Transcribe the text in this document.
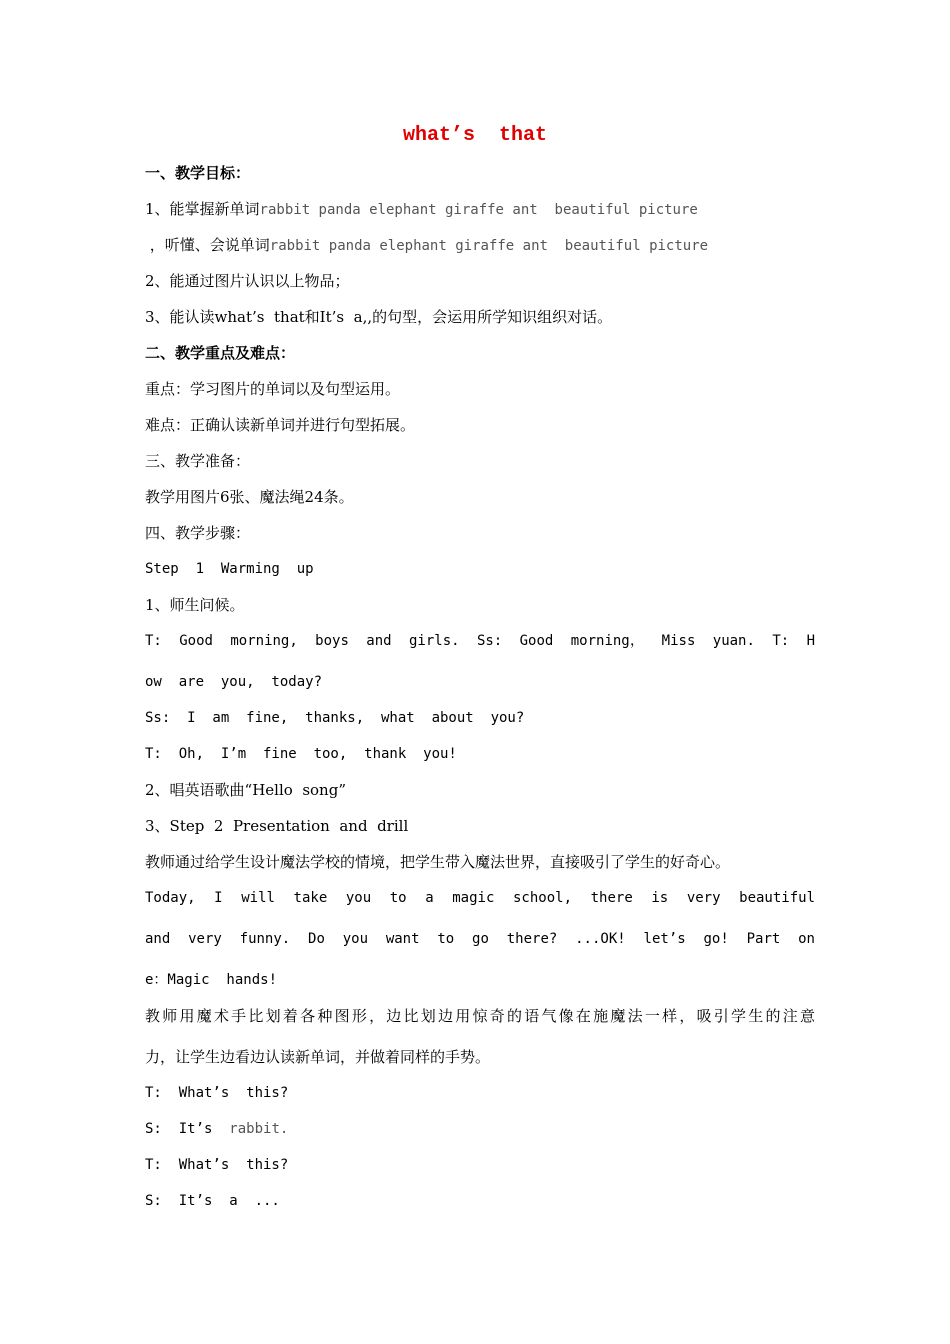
what’s  that
一、教学目标：
1、能掌握新单词rabbit panda elephant giraffe ant  beautiful picture
，听懂、会说单词rabbit panda elephant giraffe ant  beautiful picture
2、能通过图片认识以上物品；
3、能认读what’s  that和It’s  a,,的句型，会运用所学知识组织对话。
二、教学重点及难点：
重点：学习图片的单词以及句型运用。
难点：正确认读新单词并进行句型拓展。
三、教学准备：
教学用图片6张、魔法绳24条。
四、教学步骤：
Step  1  Warming  up
1、师生问候。
T:  Good  morning,  boys  and  girls.  Ss:  Good  morning，  Miss  yuan.  T:  H
ow  are  you,  today?
Ss:  I  am  fine,  thanks,  what  about  you?
T:  Oh,  I’m  fine  too,  thank  you!
2、唱英语歌曲“Hello  song”
3、Step  2  Presentation  and  drill
教师通过给学生设计魔法学校的情境，把学生带入魔法世界，直接吸引了学生的好奇心。
Today,  I  will  take  you  to  a  magic  school,  there  is  very  beautiful
and  very  funny.  Do  you  want  to  go  there?  ...OK!  let’s  go!  Part  on
e：Magic  hands!
教师用魔术手比划着各种图形，边比划边用惊奇的语气像在施魔法一样，吸引学生的注意
力，让学生边看边认读新单词，并做着同样的手势。
T:  What’s  this?
S:  It’s  rabbit.
T:  What’s  this?
S:  It’s  a  ...
